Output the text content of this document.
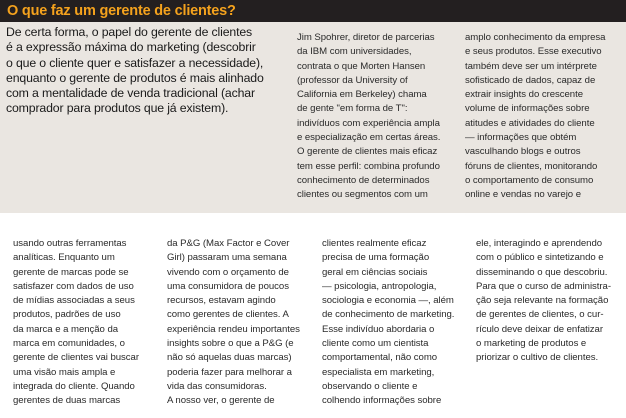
O que faz um gerente de clientes?
De certa forma, o papel do gerente de clientes
é a expressão máxima do marketing (descobrir
o que o cliente quer e satisfazer a necessidade),
enquanto o gerente de produtos é mais alinhado
com a mentalidade de venda tradicional (achar
comprador para produtos que já existem).
Jim Spohrer, diretor de parcerias
da IBM com universidades,
contrata o que Morten Hansen
(professor da University of
California em Berkeley) chama
de gente "em forma de T":
indivíduos com experiência ampla
e especialização em certas áreas.
O gerente de clientes mais eficaz
tem esse perfil: combina profundo
conhecimento de determinados
clientes ou segmentos com um
amplo conhecimento da empresa
e seus produtos. Esse executivo
também deve ser um intérprete
sofisticado de dados, capaz de
extrair insights do crescente
volume de informações sobre
atitudes e atividades do cliente
— informações que obtém
vasculhando blogs e outros
fóruns de clientes, monitorando
o comportamento de consumo
online e vendas no varejo e
usando outras ferramentas
analíticas. Enquanto um
gerente de marcas pode se
satisfazer com dados de uso
de mídias associadas a seus
produtos, padrões de uso
da marca e a menção da
marca em comunidades, o
gerente de clientes vai buscar
uma visão mais ampla e
integrada do cliente. Quando
gerentes de duas marcas
da P&G (Max Factor e Cover
Girl) passaram uma semana
vivendo com o orçamento de
uma consumidora de poucos
recursos, estavam agindo
como gerentes de clientes. A
experiência rendeu importantes
insights sobre o que a P&G (e
não só aquelas duas marcas)
poderia fazer para melhorar a
vida das consumidoras.
A nosso ver, o gerente de
clientes realmente eficaz
precisa de uma formação
geral em ciências sociais
— psicologia, antropologia,
sociologia e economia —, além
de conhecimento de marketing.
Esse indivíduo abordaria o
cliente como um cientista
comportamental, não como
especialista em marketing,
observando o cliente e
colhendo informações sobre
ele, interagindo e aprendendo
com o público e sintetizando e
disseminando o que descobriu.
Para que o curso de administra-
ção seja relevante na formação
de gerentes de clientes, o cur-
rículo deve deixar de enfatizar
o marketing de produtos e
priorizar o cultivo de clientes.
